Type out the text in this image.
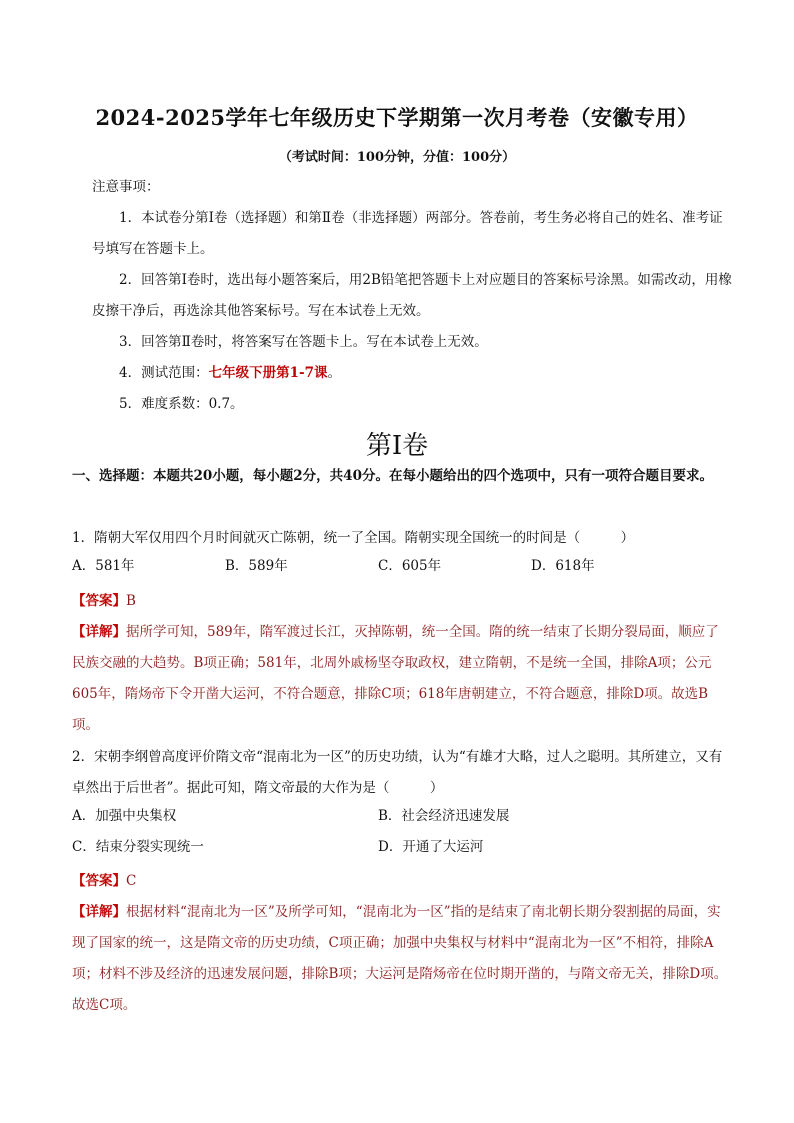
2024-2025学年七年级历史下学期第一次月考卷（安徽专用）
（考试时间：100分钟，分值：100分）
注意事项：
1．本试卷分第Ⅰ卷（选择题）和第Ⅱ卷（非选择题）两部分。答卷前，考生务必将自己的姓名、准考证号填写在答题卡上。
2．回答第Ⅰ卷时，选出每小题答案后，用2B铅笔把答题卡上对应题目的答案标号涂黑。如需改动，用橡皮擦干净后，再选涂其他答案标号。写在本试卷上无效。
3．回答第Ⅱ卷时，将答案写在答题卡上。写在本试卷上无效。
4．测试范围：七年级下册第1-7课。
5．难度系数：0.7。
第Ⅰ卷
一、选择题：本题共20小题，每小题2分，共40分。在每小题给出的四个选项中，只有一项符合题目要求。
1．隋朝大军仅用四个月时间就灭亡陈朝，统一了全国。隋朝实现全国统一的时间是（　　　）
A．581年	B．589年	C．605年	D．618年
【答案】B
【详解】据所学可知，589年，隋军渡过长江，灭掉陈朝，统一全国。隋的统一结束了长期分裂局面，顺应了民族交融的大趋势。B项正确；581年，北周外戚杨坚夺取政权，建立隋朝，不是统一全国，排除A项；公元605年，隋炀帝下令开凿大运河，不符合题意，排除C项；618年唐朝建立，不符合题意，排除D项。故选B项。
2．宋朝李纲曾高度评价隋文帝“混南北为一区”的历史功绩，认为“有雄才大略，过人之聪明。其所建立，又有卓然出于后世者”。据此可知，隋文帝最的大作为是（　　　）
A．加强中央集权	B．社会经济迅速发展
C．结束分裂实现统一	D．开通了大运河
【答案】C
【详解】根据材料“混南北为一区”及所学可知，“混南北为一区”指的是结束了南北朝长期分裂割据的局面，实现了国家的统一，这是隋文帝的历史功绩，C项正确；加强中央集权与材料中“混南北为一区”不相符，排除A项；材料不涉及经济的迅速发展问题，排除B项；大运河是隋炀帝在位时期开凿的，与隋文帝无关，排除D项。故选C项。
